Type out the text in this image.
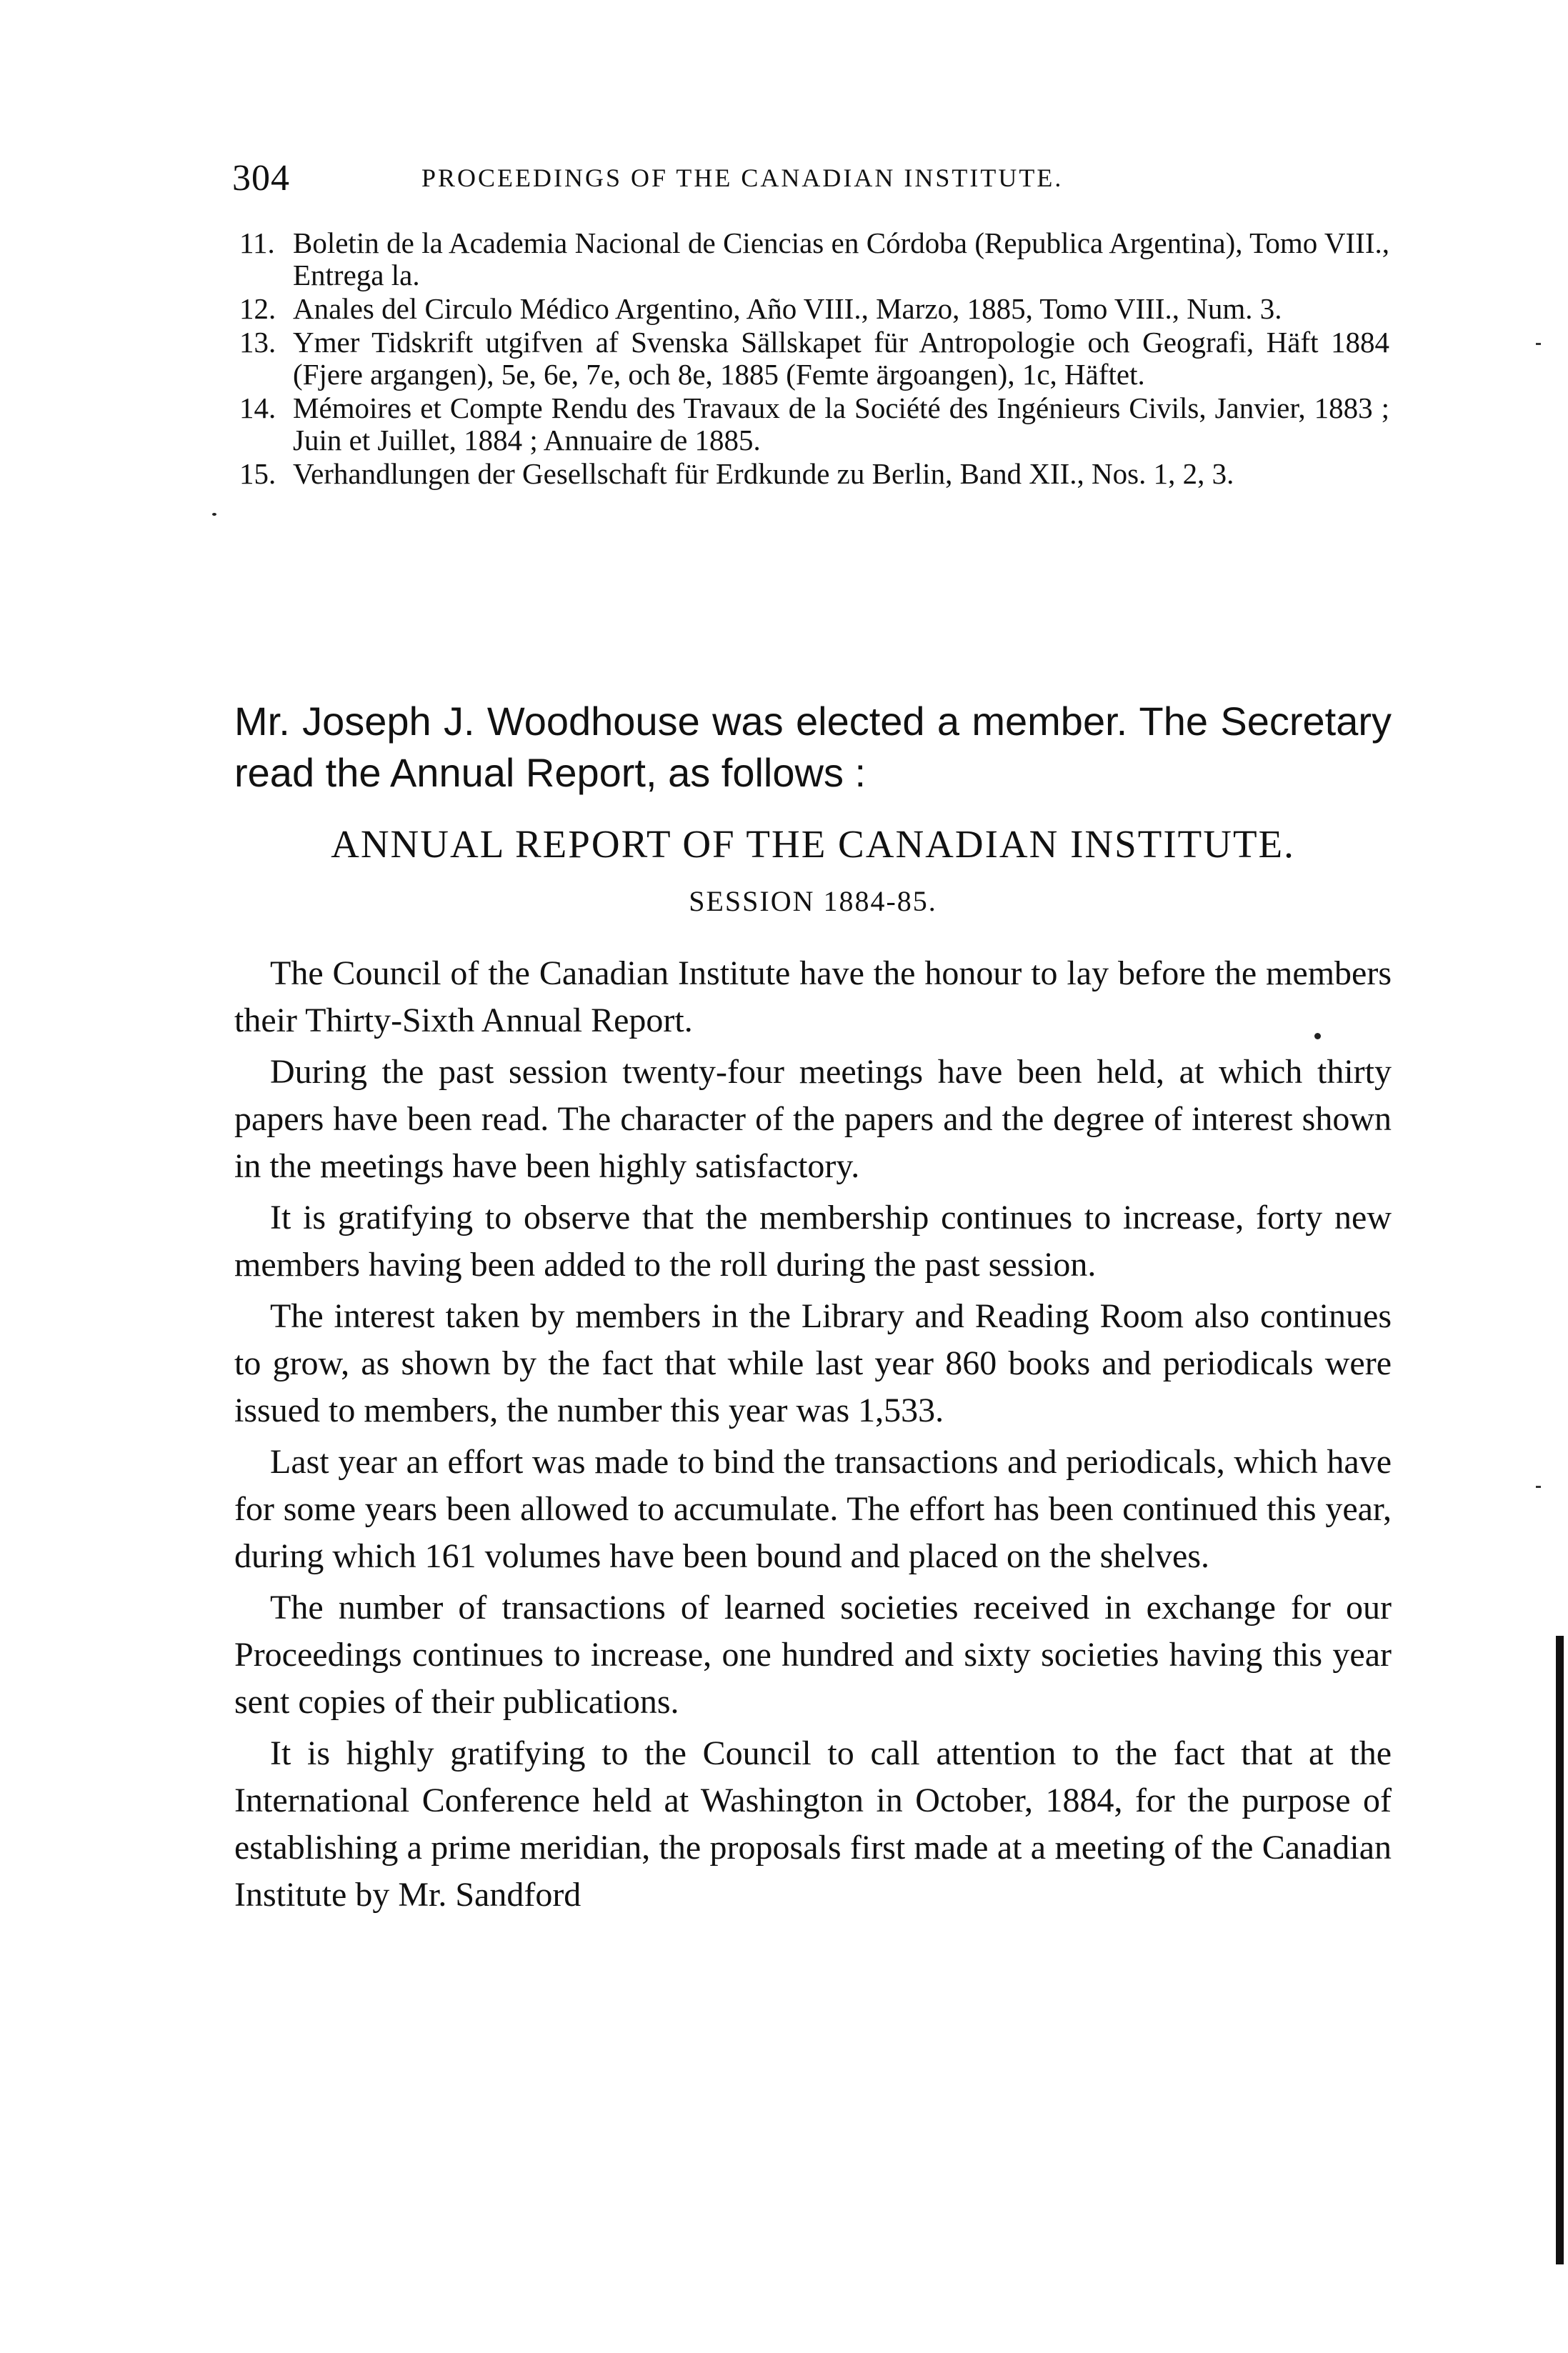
304	PROCEEDINGS OF THE CANADIAN INSTITUTE.
11. Boletin de la Academia Nacional de Ciencias en Córdoba (Republica Argentina), Tomo VIII., Entrega la.
12. Anales del Circulo Médico Argentino, Año VIII., Marzo, 1885, Tomo VIII., Num. 3.
13. Ymer Tidskrift utgifven af Svenska Sällskapet für Antropologie och Geografi, Häft 1884 (Fjere argangen), 5e, 6e, 7e, och 8e, 1885 (Femte ärgoangen), 1c, Häftet.
14. Mémoires et Compte Rendu des Travaux de la Société des Ingénieurs Civils, Janvier, 1883 ; Juin et Juillet, 1884 ; Annuaire de 1885.
15. Verhandlungen der Gesellschaft für Erdkunde zu Berlin, Band XII., Nos. 1, 2, 3.

Mr. Joseph J. Woodhouse was elected a member. The Secretary read the Annual Report, as follows :

ANNUAL REPORT OF THE CANADIAN INSTITUTE.
SESSION 1884-85.

The Council of the Canadian Institute have the honour to lay before the members their Thirty-Sixth Annual Report.

During the past session twenty-four meetings have been held, at which thirty papers have been read. The character of the papers and the degree of interest shown in the meetings have been highly satisfactory.

It is gratifying to observe that the membership continues to increase, forty new members having been added to the roll during the past session.

The interest taken by members in the Library and Reading Room also continues to grow, as shown by the fact that while last year 860 books and periodicals were issued to members, the number this year was 1,533.

Last year an effort was made to bind the transactions and periodicals, which have for some years been allowed to accumulate. The effort has been continued this year, during which 161 volumes have been bound and placed on the shelves.

The number of transactions of learned societies received in exchange for our Proceedings continues to increase, one hundred and sixty societies having this year sent copies of their publications.

It is highly gratifying to the Council to call attention to the fact that at the International Conference held at Washington in October, 1884, for the purpose of establishing a prime meridian, the proposals first made at a meeting of the Canadian Institute by Mr. Sandford
